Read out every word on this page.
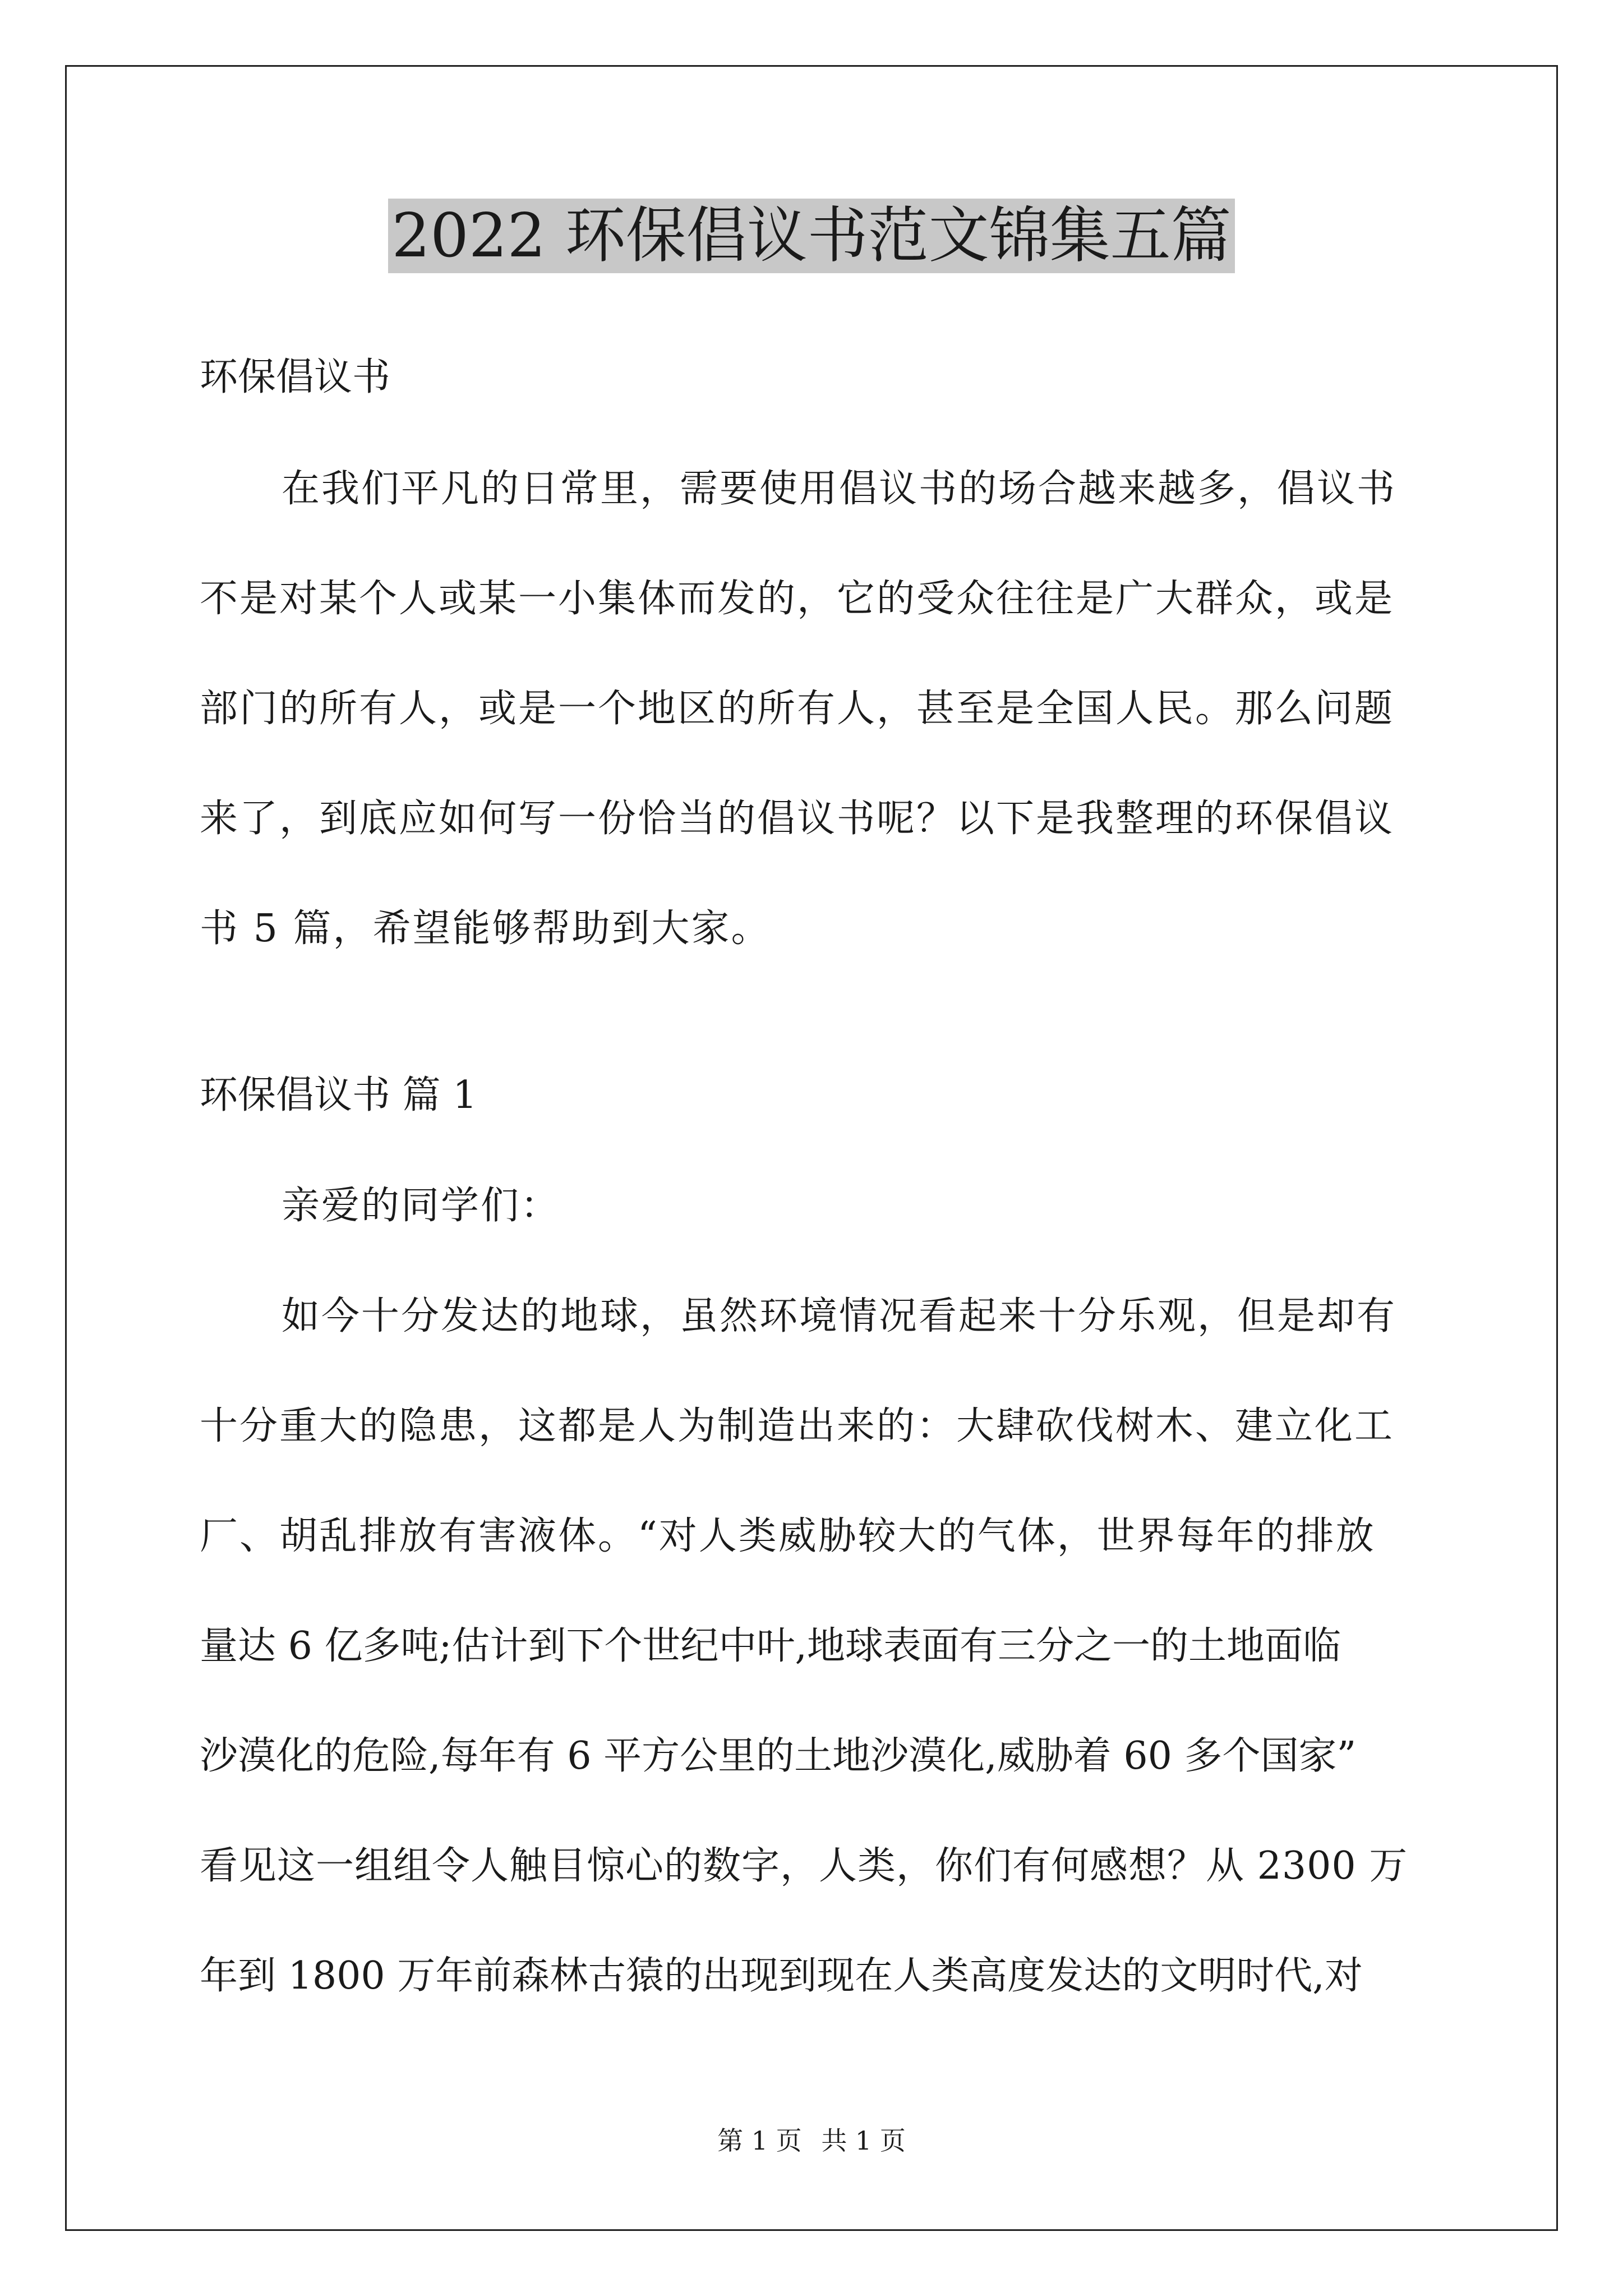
2022 环保倡议书范文锦集五篇
环保倡议书
在我们平凡的日常里，需要使用倡议书的场合越来越多，倡议书
不是对某个人或某一小集体而发的，它的受众往往是广大群众，或是
部门的所有人，或是一个地区的所有人，甚至是全国人民。那么问题
来了，到底应如何写一份恰当的倡议书呢？以下是我整理的环保倡议
书 5 篇，希望能够帮助到大家。
环保倡议书 篇 1
亲爱的同学们：
如今十分发达的地球，虽然环境情况看起来十分乐观，但是却有
十分重大的隐患，这都是人为制造出来的：大肆砍伐树木、建立化工
厂、胡乱排放有害液体。“对人类威胁较大的气体，世界每年的排放
量达 6 亿多吨;估计到下个世纪中叶,地球表面有三分之一的土地面临
沙漠化的危险,每年有 6 平方公里的土地沙漠化,威胁着 60 多个国家”
看见这一组组令人触目惊心的数字，人类，你们有何感想？从 2300 万
年到 1800 万年前森林古猿的出现到现在人类高度发达的文明时代,对
第 1 页 共 1 页
